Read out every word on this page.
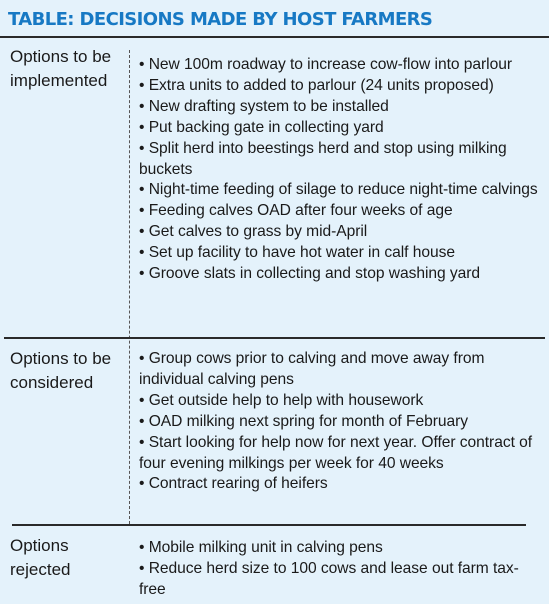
TABLE: DECISIONS MADE BY HOST FARMERS
Options to be implemented
• New 100m roadway to increase cow-flow into parlour
• Extra units to added to parlour (24 units proposed)
• New drafting system to be installed
• Put backing gate in collecting yard
• Split herd into beestings herd and stop using milking buckets
• Night-time feeding of silage to reduce night-time calvings
• Feeding calves OAD after four weeks of age
• Get calves to grass by mid-April
• Set up facility to have hot water in calf house
• Groove slats in collecting and stop washing yard
Options to be considered
• Group cows prior to calving and move away from individual calving pens
• Get outside help to help with housework
• OAD milking next spring for month of February
• Start looking for help now for next year. Offer contract of four evening milkings per week for 40 weeks
• Contract rearing of heifers
Options rejected
• Mobile milking unit in calving pens
• Reduce herd size to 100 cows and lease out farm tax-free
